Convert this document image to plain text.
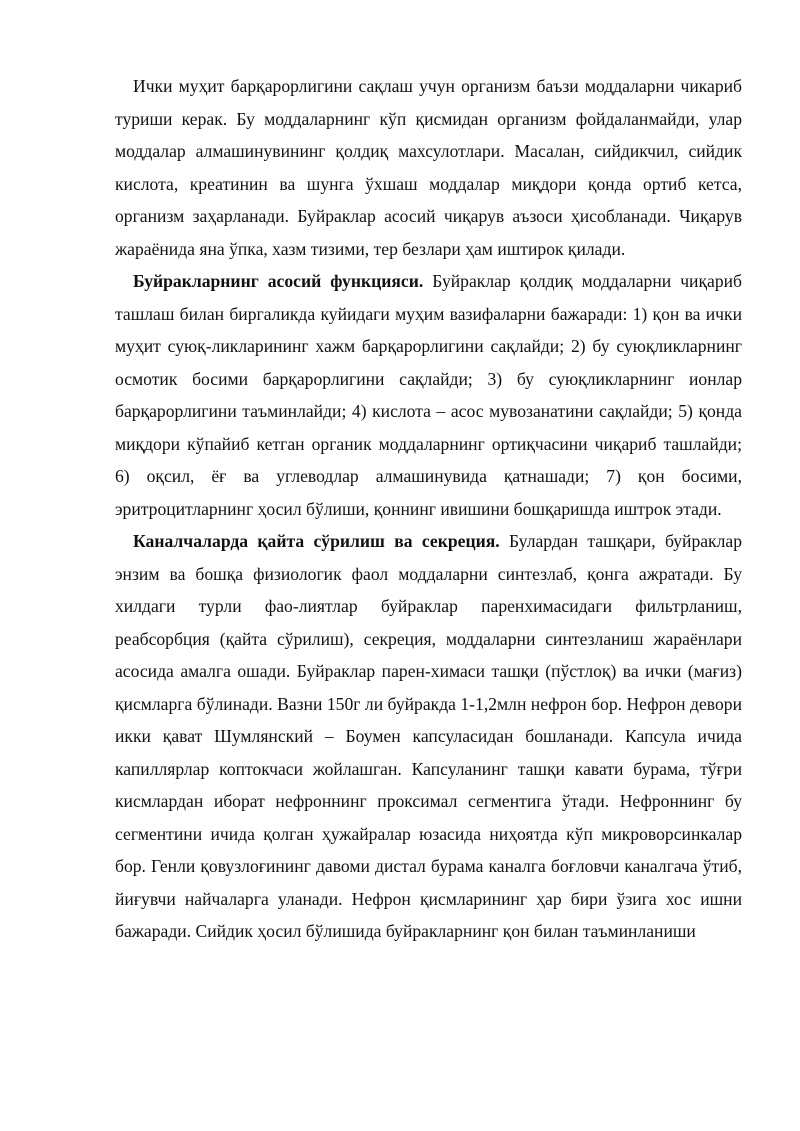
Ички муҳит барқарорлигини сақлаш учун организм баъзи моддаларни чикариб туриши керак. Бу моддаларнинг кўп қисмидан организм фойдаланмайди, улар моддалар алмашинувининг қолдиқ махсулотлари. Масалан, сийдикчил, сийдик кислота, креатинин ва шунга ўхшаш моддалар миқдори қонда ортиб кетса, организм заҳарланади. Буйраклар асосий чиқарув аъзоси ҳисобланади. Чиқарув жараёнида яна ўпка, хазм тизими, тер безлари ҳам иштирок қилади.

Буйракларнинг асосий функцияси. Буйраклар қолдиқ моддаларни чиқариб ташлаш билан биргаликда куйидаги муҳим вазифаларни бажаради: 1) қон ва ички муҳит суюқ-ликларининг хажм барқарорлигини сақлайди; 2) бу суюқликларнинг осмотик босими барқарорлигини сақлайди; 3) бу суюқликларнинг ионлар барқарорлигини таъминлайди; 4) кислота – асос мувозанатини сақлайди; 5) қонда миқдори кўпайиб кетган органик моддаларнинг ортиқчасини чиқариб ташлайди; 6) оқсил, ёғ ва углеводлар алмашинувида қатнашади; 7) қон босими, эритроцитларнинг ҳосил бўлиши, қоннинг ивишини бошқаришда иштрок этади.

Каналчаларда қайта сўрилиш ва секреция. Булардан ташқари, буйраклар энзим ва бошқа физиологик фаол моддаларни синтезлаб, қонга ажратади. Бу хилдаги турли фао-лиятлар буйраклар паренхимасидаги фильтрланиш, реабсорбция (қайта сўрилиш), секреция, моддаларни синтезланиш жараёнлари асосида амалга ошади. Буйраклар парен-химаси ташқи (пўстлоқ) ва ички (мағиз) қисмларга бўлинади. Вазни 150г ли буйракда 1-1,2млн нефрон бор. Нефрон девори икки қават Шумлянский – Боумен капсуласидан бошланади. Капсула ичида капиллярлар коптокчаси жойлашган. Капсуланинг ташқи кавати бурама, тўғри кисмлардан иборат нефроннинг проксимал сегментига ўтади. Нефроннинг бу сегментини ичида қолган ҳужайралар юзасида ниҳоятда кўп микроворсинкалар бор. Генли қовузлоғининг давоми дистал бурама каналга боғловчи каналгача ўтиб, йиғувчи найчаларга уланади. Нефрон қисмларининг ҳар бири ўзига хос ишни бажаради. Сийдик ҳосил бўлишида буйракларнинг қон билан таъминланиши
